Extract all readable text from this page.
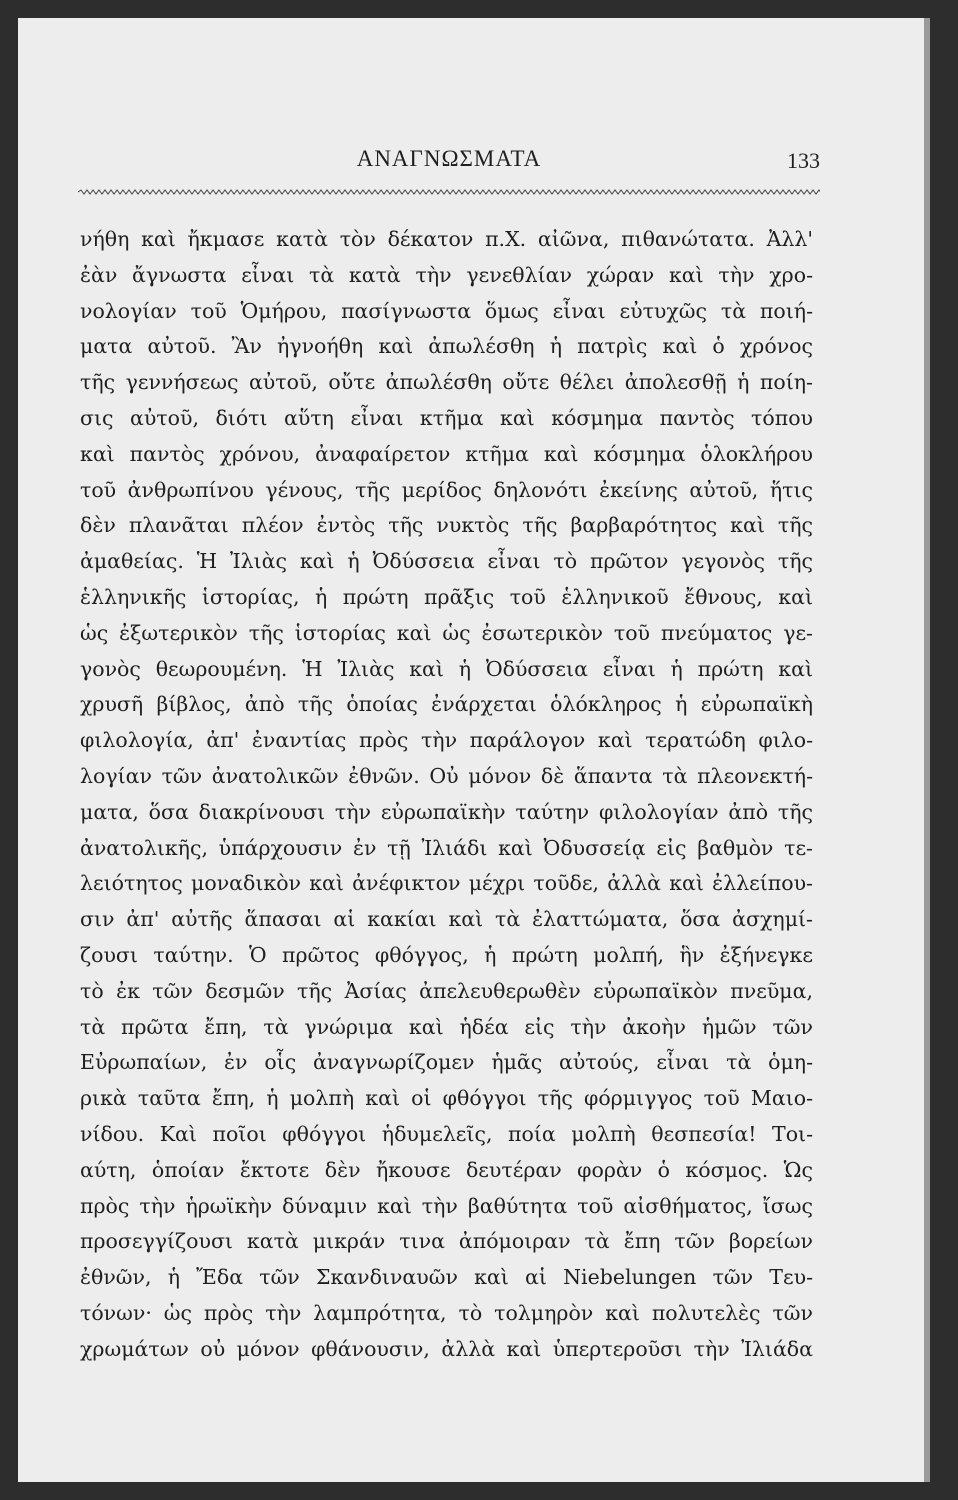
ΑΝΑΓΝΩΣΜΑΤΑ	133
νήθη καὶ ἤκμασε κατὰ τὸν δέκατον π.Χ. αἰῶνα, πιθανώτατα. Ἀλλ'
ἐὰν ἄγνωστα εἶναι τὰ κατὰ τὴν γενεθλίαν χώραν καὶ τὴν χρο-
νολογίαν τοῦ Ὁμήρου, πασίγνωστα ὅμως εἶναι εὐτυχῶς τὰ ποιή-
ματα αὐτοῦ. Ἂν ἠγνοήθη καὶ ἀπωλέσθη ἡ πατρὶς καὶ ὁ χρόνος
τῆς γεννήσεως αὐτοῦ, οὔτε ἀπωλέσθη οὔτε θέλει ἀπολεσθῇ ἡ ποίη-
σις αὐτοῦ, διότι αὕτη εἶναι κτῆμα καὶ κόσμημα παντὸς τόπου
καὶ παντὸς χρόνου, ἀναφαίρετον κτῆμα καὶ κόσμημα ὁλοκλήρου
τοῦ ἀνθρωπίνου γένους, τῆς μερίδος δηλονότι ἐκείνης αὐτοῦ, ἥτις
δὲν πλανᾶται πλέον ἐντὸς τῆς νυκτὸς τῆς βαρβαρότητος καὶ τῆς
ἀμαθείας. Ἡ Ἰλιὰς καὶ ἡ Ὀδύσσεια εἶναι τὸ πρῶτον γεγονὸς τῆς
ἑλληνικῆς ἱστορίας, ἡ πρώτη πρᾶξις τοῦ ἑλληνικοῦ ἔθνους, καὶ
ὡς ἐξωτερικὸν τῆς ἱστορίας καὶ ὡς ἐσωτερικὸν τοῦ πνεύματος γε-
γονὸς θεωρουμένη. Ἡ Ἰλιὰς καὶ ἡ Ὀδύσσεια εἶναι ἡ πρώτη καὶ
χρυσῆ βίβλος, ἀπὸ τῆς ὁποίας ἐνάρχεται ὁλόκληρος ἡ εὐρωπαϊκὴ
φιλολογία, ἀπ' ἐναντίας πρὸς τὴν παράλογον καὶ τερατώδη φιλο-
λογίαν τῶν ἀνατολικῶν ἐθνῶν. Οὐ μόνον δὲ ἅπαντα τὰ πλεονεκτή-
ματα, ὅσα διακρίνουσι τὴν εὐρωπαϊκὴν ταύτην φιλολογίαν ἀπὸ τῆς
ἀνατολικῆς, ὑπάρχουσιν ἐν τῇ Ἰλιάδι καὶ Ὀδυσσείᾳ εἰς βαθμὸν τε-
λειότητος μοναδικὸν καὶ ἀνέφικτον μέχρι τοῦδε, ἀλλὰ καὶ ἐλλείπου-
σιν ἀπ' αὐτῆς ἅπασαι αἱ κακίαι καὶ τὰ ἐλαττώματα, ὅσα ἀσχημί-
ζουσι ταύτην. Ὁ πρῶτος φθόγγος, ἡ πρώτη μολπή, ἣν ἐξήνεγκε
τὸ ἐκ τῶν δεσμῶν τῆς Ἀσίας ἀπελευθερωθὲν εὐρωπαϊκὸν πνεῦμα,
τὰ πρῶτα ἔπη, τὰ γνώριμα καὶ ἡδέα εἰς τὴν ἀκοὴν ἡμῶν τῶν
Εὐρωπαίων, ἐν οἷς ἀναγνωρίζομεν ἡμᾶς αὐτούς, εἶναι τὰ ὁμη-
ρικὰ ταῦτα ἔπη, ἡ μολπὴ καὶ οἱ φθόγγοι τῆς φόρμιγγος τοῦ Μαιο-
νίδου. Καὶ ποῖοι φθόγγοι ἡδυμελεῖς, ποία μολπὴ θεσπεσία! Τοι-
αύτη, ὁποίαν ἔκτοτε δὲν ἤκουσε δευτέραν φορὰν ὁ κόσμος. Ὡς
πρὸς τὴν ἡρωϊκὴν δύναμιν καὶ τὴν βαθύτητα τοῦ αἰσθήματος, ἴσως
προσεγγίζουσι κατὰ μικράν τινα ἀπόμοιραν τὰ ἔπη τῶν βορείων
ἐθνῶν, ἡ Ἔδα τῶν Σκανδιναυῶν καὶ αἱ Niebelungen τῶν Τευ-
τόνων· ὡς πρὸς τὴν λαμπρότητα, τὸ τολμηρὸν καὶ πολυτελὲς τῶν
χρωμάτων οὐ μόνον φθάνουσιν, ἀλλὰ καὶ ὑπερτεροῦσι τὴν Ἰλιάδα
